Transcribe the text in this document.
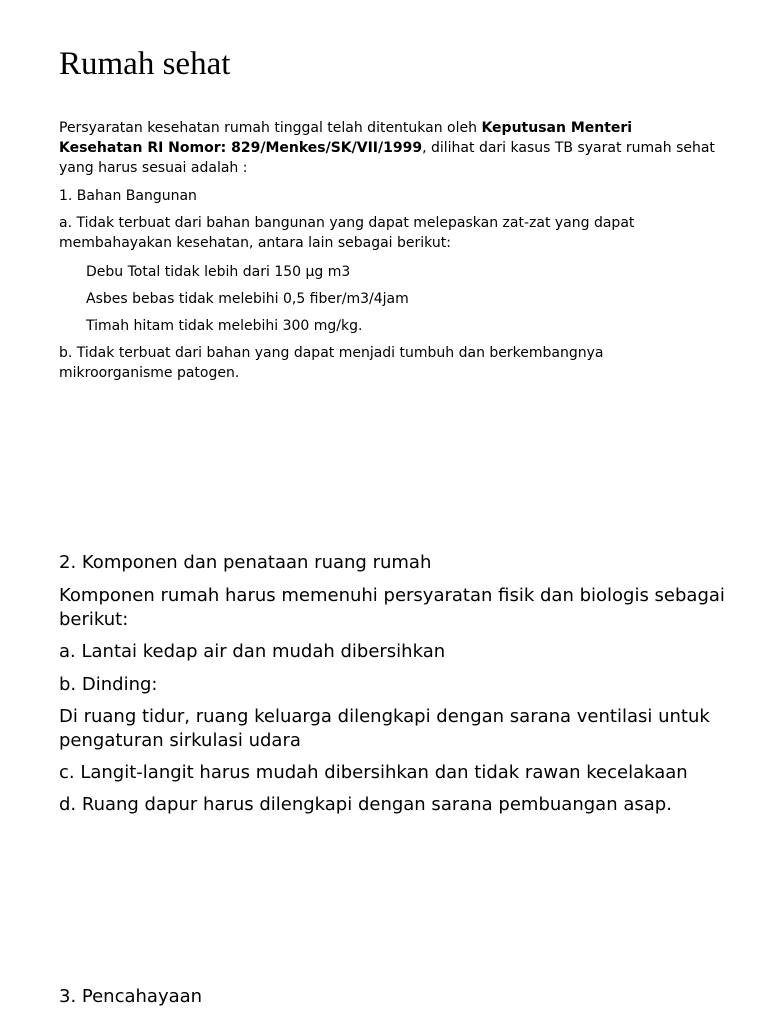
Rumah sehat

Persyaratan kesehatan rumah tinggal telah ditentukan oleh Keputusan Menteri Kesehatan RI Nomor: 829/Menkes/SK/VII/1999, dilihat dari kasus TB syarat rumah sehat yang harus sesuai adalah :

1. Bahan Bangunan

a. Tidak terbuat dari bahan bangunan yang dapat melepaskan zat-zat yang dapat membahayakan kesehatan, antara lain sebagai berikut:

Debu Total tidak lebih dari 150 µg m3

Asbes bebas tidak melebihi 0,5 fiber/m3/4jam

Timah hitam tidak melebihi 300 mg/kg.

b. Tidak terbuat dari bahan yang dapat menjadi tumbuh dan berkembangnya mikroorganisme patogen.

2. Komponen dan penataan ruang rumah

Komponen rumah harus memenuhi persyaratan fisik dan biologis sebagai berikut:

a. Lantai kedap air dan mudah dibersihkan

b. Dinding:

Di ruang tidur, ruang keluarga dilengkapi dengan sarana ventilasi untuk pengaturan sirkulasi udara

c. Langit-langit harus mudah dibersihkan dan tidak rawan kecelakaan

d. Ruang dapur harus dilengkapi dengan sarana pembuangan asap.

3. Pencahayaan
